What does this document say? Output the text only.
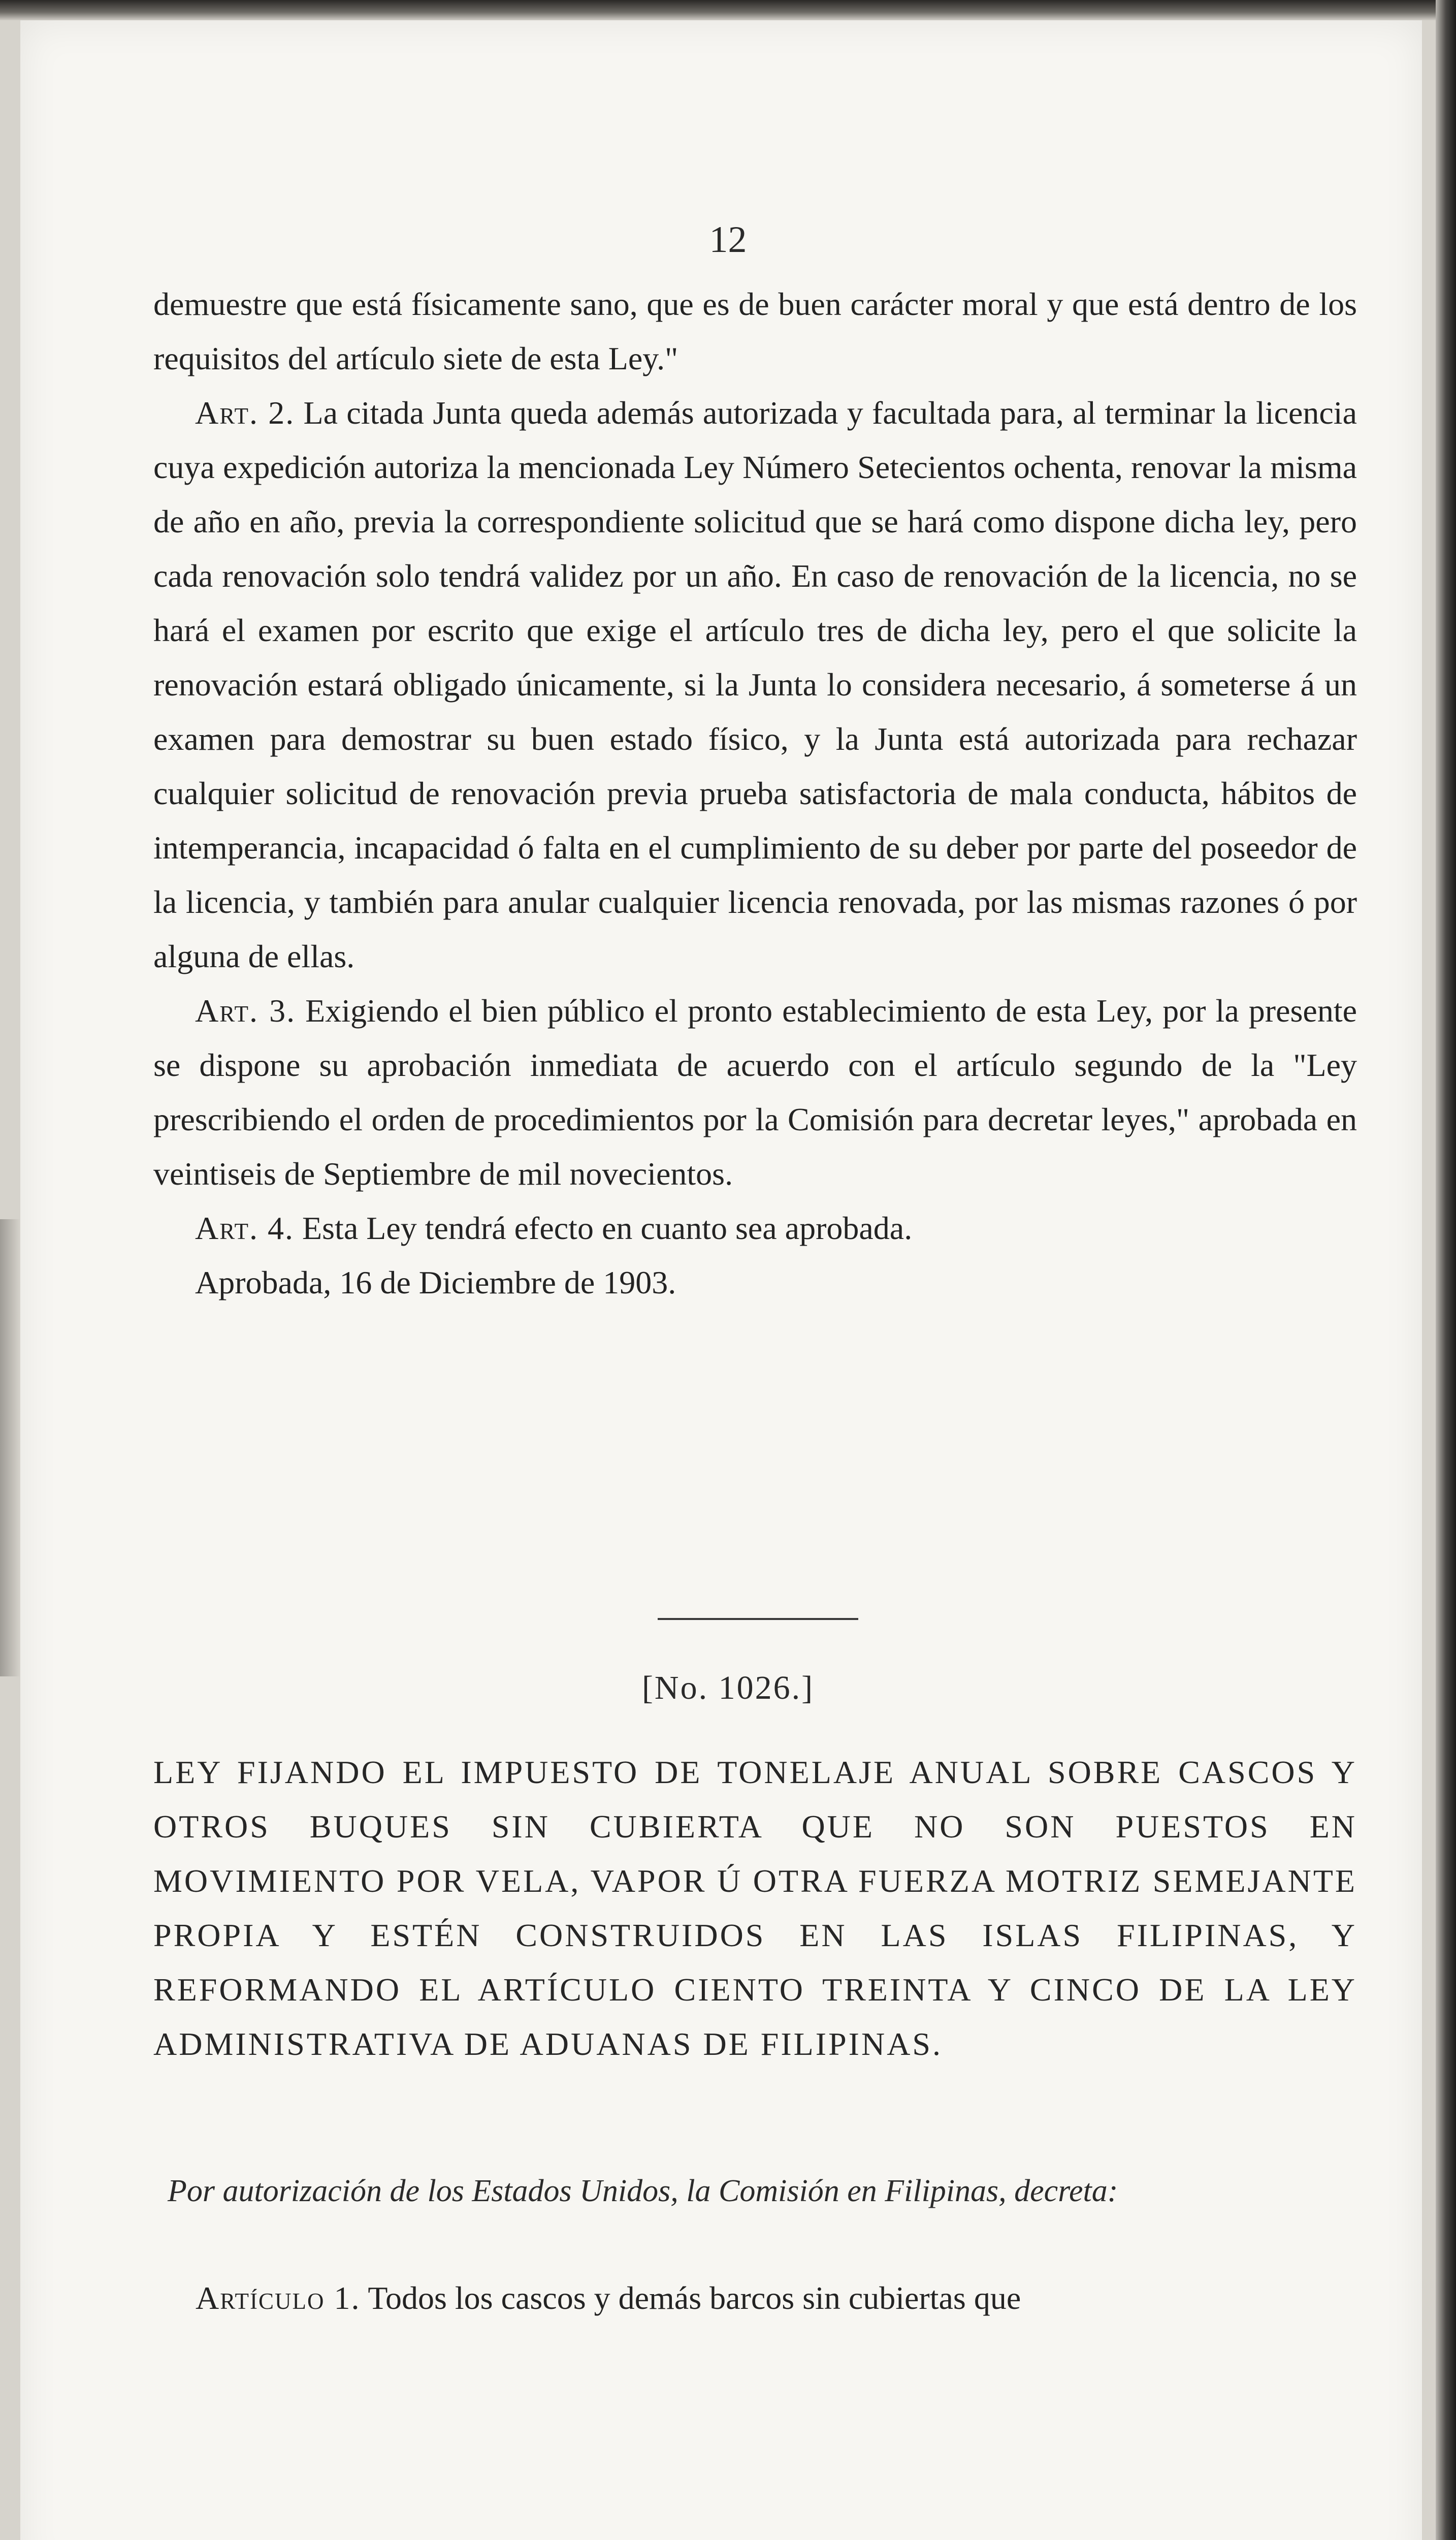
12

demuestre que está físicamente sano, que es de buen carácter moral y que está dentro de los requisitos del artículo siete de esta Ley."

Art. 2. La citada Junta queda además autorizada y facultada para, al terminar la licencia cuya expedición autoriza la mencionada Ley Número Setecientos ochenta, renovar la misma de año en año, previa la correspondiente solicitud que se hará como dispone dicha ley, pero cada renovación solo tendrá validez por un año. En caso de renovación de la licencia, no se hará el examen por escrito que exige el artículo tres de dicha ley, pero el que solicite la renovación estará obligado únicamente, si la Junta lo considera necesario, á someterse á un examen para demostrar su buen estado físico, y la Junta está autorizada para rechazar cualquier solicitud de renovación previa prueba satisfactoria de mala conducta, hábitos de intemperancia, incapacidad ó falta en el cumplimiento de su deber por parte del poseedor de la licencia, y también para anular cualquier licencia renovada, por las mismas razones ó por alguna de ellas.

Art. 3. Exigiendo el bien público el pronto establecimiento de esta Ley, por la presente se dispone su aprobación inmediata de acuerdo con el artículo segundo de la "Ley prescribiendo el orden de procedimientos por la Comisión para decretar leyes," aprobada en veintiseis de Septiembre de mil novecientos.

Art. 4. Esta Ley tendrá efecto en cuanto sea aprobada.

Aprobada, 16 de Diciembre de 1903.

[No. 1026.]
LEY FIJANDO EL IMPUESTO DE TONELAJE ANUAL SOBRE CASCOS Y OTROS BUQUES SIN CUBIERTA QUE NO SON PUESTOS EN MOVIMIENTO POR VELA, VAPOR Ú OTRA FUERZA MOTRIZ SEMEJANTE PROPIA Y ESTÉN CONSTRUIDOS EN LAS ISLAS FILIPINAS, Y REFORMANDO EL ARTÍCULO CIENTO TREINTA Y CINCO DE LA LEY ADMINISTRATIVA DE ADUANAS DE FILIPINAS.
Por autorización de los Estados Unidos, la Comisión en Filipinas, decreta:
Artículo 1. Todos los cascos y demás barcos sin cubiertas que
